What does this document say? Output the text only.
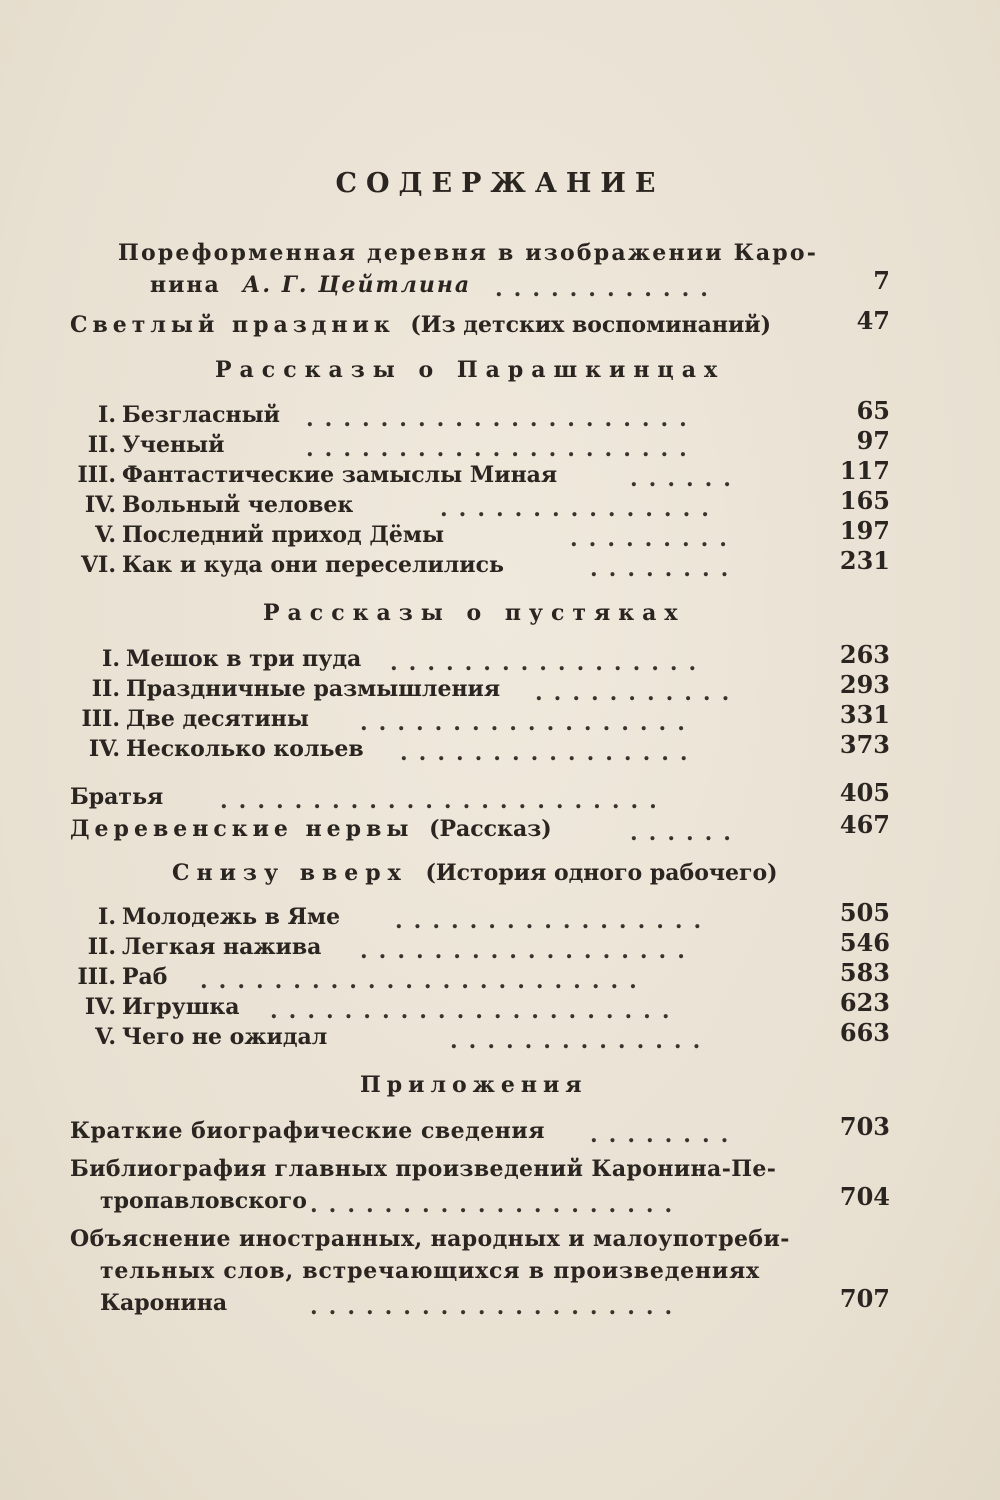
СОДЕРЖАНИЕ
Пореформенная деревня в изображении Каро-
нина А. Г. Цейтлина ............	7
Светлый праздник (Из детских воспоминаний)	47
Рассказы о Парашкинцах
I. Безгласный .....................	65
II. Ученый	.....................	97
III. Фантастические замыслы Миная	......	117
IV. Вольный человек	...............	165
V. Последний приход Дёмы	.........	197
VI. Как и куда они переселились	........	231
Рассказы о пустяках
I. Мешок в три пуда .................	263
II. Праздничные размышления ...........	293
III. Две десятины ..................	331
IV. Несколько кольев ................	373
Братья	........................	405
Деревенские нервы (Рассказ)	......	467
Снизу вверх (История одного рабочего)
I. Молодежь в Яме .................	505
II. Легкая нажива ..................	546
III. Раб ........................	583
IV. Игрушка ......................	623
V. Чего не ожидал	..............	663
Приложения
Краткие биографические сведения ........	703
Библиография главных произведений Каронина-Пе-
тропавловского ....................	704
Объяснение иностранных, народных и малоупотреби-
тельных слов, встречающихся в произведениях
Каронина	....................	707
